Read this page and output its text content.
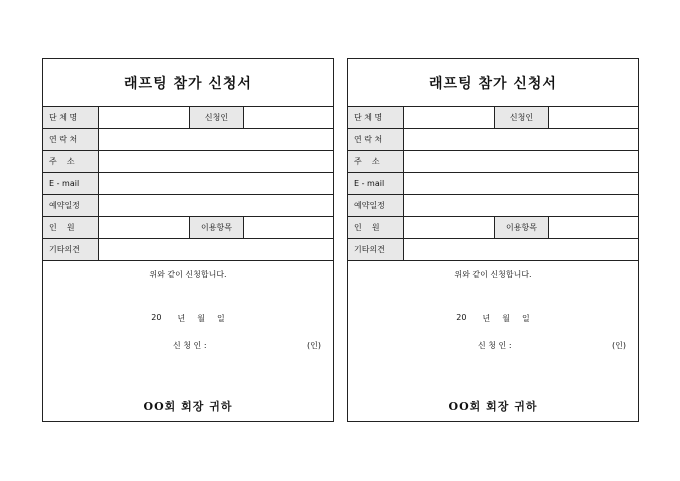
래프팅 참가 신청서
단 체 명	신청인
연 락 처
주    소
E - mail
예약일정
인    원	이용항목
기타의견
위와 같이 신청합니다.
20 년 월 일
신 청 인 :	(인)
OO회 회장 귀하
래프팅 참가 신청서
단 체 명	신청인
연 락 처
주    소
E - mail
예약일정
인    원	이용항목
기타의견
위와 같이 신청합니다.
20 년 월 일
신 청 인 :	(인)
OO회 회장 귀하
